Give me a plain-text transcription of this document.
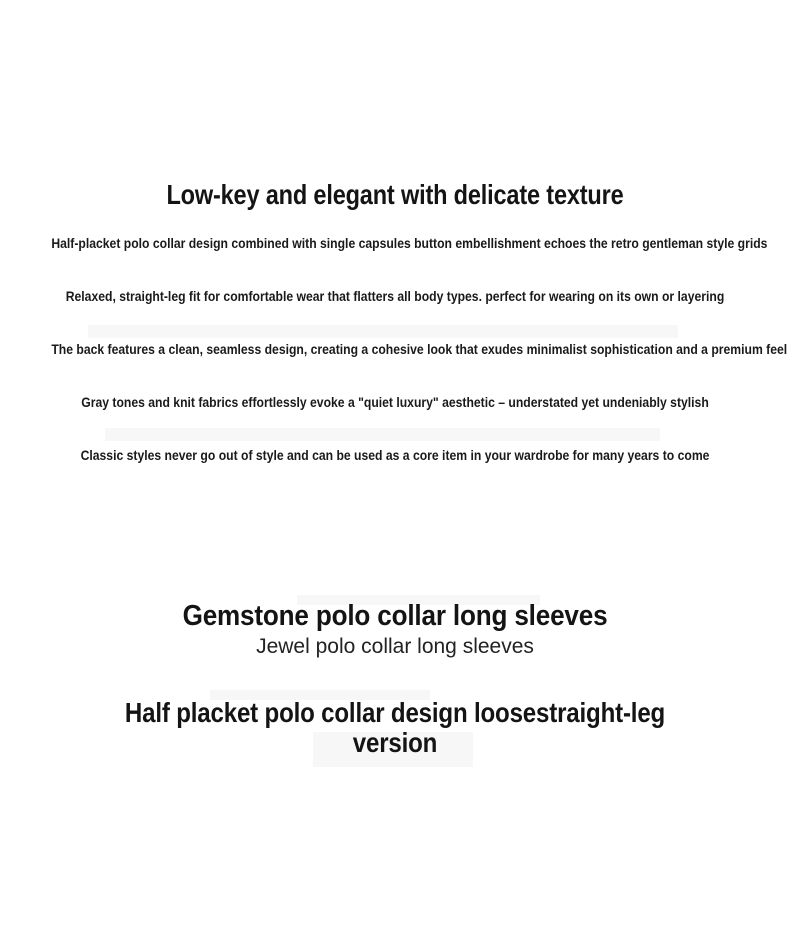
Low-key and elegant with delicate texture
Half-placket polo collar design combined with single capsules button embellishment echoes the retro gentleman style grids
Relaxed, straight-leg fit for comfortable wear that flatters all body types. perfect for wearing on its own or layering
The back features a clean, seamless design, creating a cohesive look that exudes minimalist sophistication and a premium feel
Gray tones and knit fabrics effortlessly evoke a "quiet luxury" aesthetic – understated yet undeniably stylish
Classic styles never go out of style and can be used as a core item in your wardrobe for many years to come
Gemstone polo collar long sleeves
Jewel polo collar long sleeves
Half placket polo collar design loosestraight-leg
version
